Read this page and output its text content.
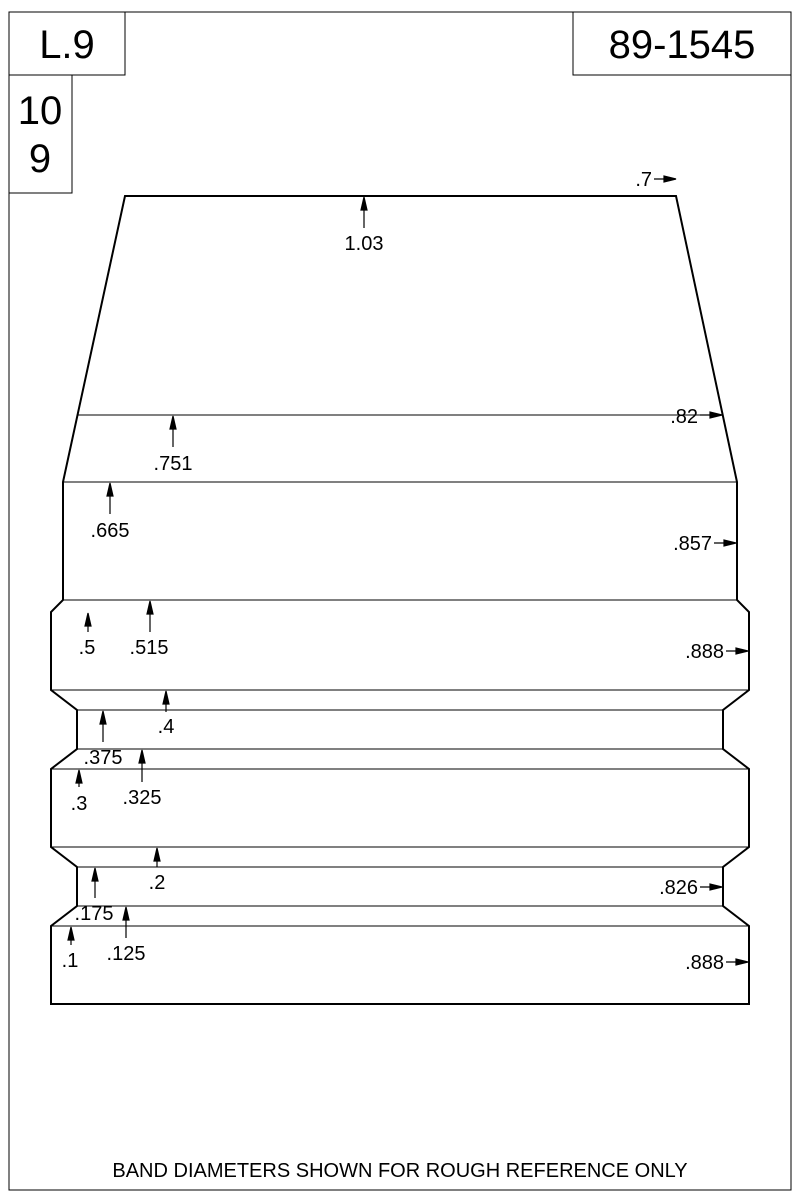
L.9	89-1545
10
9	.7
1.03
.82
.751
.665
.857
.5 .515	.888
.4
.375
.3 .325
.2	.826
.175
.1 .125	.888
BAND DIAMETERS SHOWN FOR ROUGH REFERENCE ONLY
